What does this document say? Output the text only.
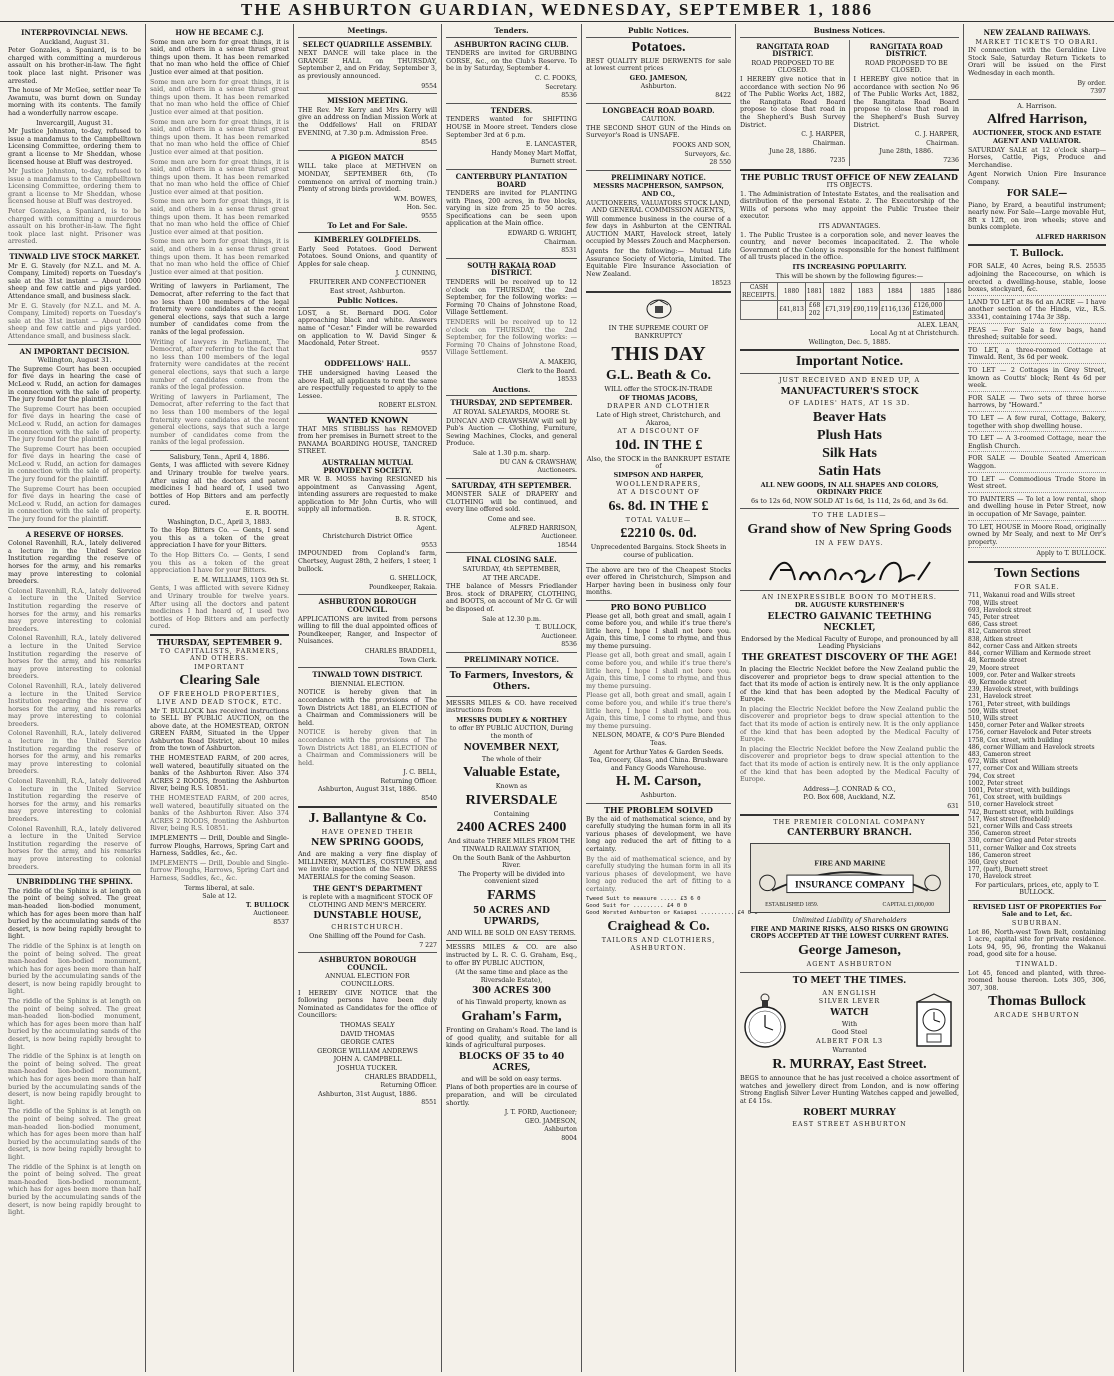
THE ASHBURTON GUARDIAN, WEDNESDAY, SEPTEMBER 1, 1886
INTERPROVINCIAL NEWS.
Auckland, August 31.

Peter Gonzales, a Spaniard, is to be charged with committing a murderous assault on his brother-in-law. The fight took place last night. Prisoner was arrested.

The house of Mr McGee, settler near Te Awamutu, was burnt down on Sunday morning with its contents. The family had a wonderfully narrow escape.

Invercargill, August 31.

Mr Justice Johnston, to-day, refused to issue a mandamus to the Campbelltown Licensing Committee, ordering them to grant a license to Mr Sheddan, whose licensed house at Bluff was destroyed.

Mr Justice Johnston, to-day, refused to issue a mandamus to the Campbelltown Licensing Committee, ordering them to grant a license to Mr Sheddan, whose licensed house at Bluff was destroyed.

Peter Gonzales, a Spaniard, is to be charged with committing a murderous assault on his brother-in-law. The fight took place last night. Prisoner was arrested.

TINWALD LIVE STOCK MARKET.

Mr E. G. Stavely (for N.Z.L. and M. A. Company, Limited) reports on Tuesday's sale at the 31st instant — About 1000 sheep and few cattle and pigs yarded. Attendance small, and business slack.

Mr E. G. Stavely (for N.Z.L. and M. A. Company, Limited) reports on Tuesday's sale at the 31st instant — About 1000 sheep and few cattle and pigs yarded. Attendance small, and business slack.

AN IMPORTANT DECISION.
Wellington, August 31.

The Supreme Court has been occupied for five days in hearing the case of McLeod v. Rudd, an action for damages in connection with the sale of property. The jury found for the plaintiff.

The Supreme Court has been occupied for five days in hearing the case of McLeod v. Rudd, an action for damages in connection with the sale of property. The jury found for the plaintiff.

The Supreme Court has been occupied for five days in hearing the case of McLeod v. Rudd, an action for damages in connection with the sale of property. The jury found for the plaintiff.

The Supreme Court has been occupied for five days in hearing the case of McLeod v. Rudd, an action for damages in connection with the sale of property. The jury found for the plaintiff.

A RESERVE OF HORSES.

Colonel Ravenhill, R.A., lately delivered a lecture in the United Service Institution regarding the reserve of horses for the army, and his remarks may prove interesting to colonial breeders.

Colonel Ravenhill, R.A., lately delivered a lecture in the United Service Institution regarding the reserve of horses for the army, and his remarks may prove interesting to colonial breeders.

Colonel Ravenhill, R.A., lately delivered a lecture in the United Service Institution regarding the reserve of horses for the army, and his remarks may prove interesting to colonial breeders.

Colonel Ravenhill, R.A., lately delivered a lecture in the United Service Institution regarding the reserve of horses for the army, and his remarks may prove interesting to colonial breeders.

Colonel Ravenhill, R.A., lately delivered a lecture in the United Service Institution regarding the reserve of horses for the army, and his remarks may prove interesting to colonial breeders.

Colonel Ravenhill, R.A., lately delivered a lecture in the United Service Institution regarding the reserve of horses for the army, and his remarks may prove interesting to colonial breeders.

Colonel Ravenhill, R.A., lately delivered a lecture in the United Service Institution regarding the reserve of horses for the army, and his remarks may prove interesting to colonial breeders.

UNBRIDDLING THE SPHINX.

The riddle of the Sphinx is at length on the point of being solved. The great man-headed lion-bodied monument, which has for ages been more than half buried by the accumulating sands of the desert, is now being rapidly brought to light.

The riddle of the Sphinx is at length on the point of being solved. The great man-headed lion-bodied monument, which has for ages been more than half buried by the accumulating sands of the desert, is now being rapidly brought to light.

The riddle of the Sphinx is at length on the point of being solved. The great man-headed lion-bodied monument, which has for ages been more than half buried by the accumulating sands of the desert, is now being rapidly brought to light.

The riddle of the Sphinx is at length on the point of being solved. The great man-headed lion-bodied monument, which has for ages been more than half buried by the accumulating sands of the desert, is now being rapidly brought to light.

The riddle of the Sphinx is at length on the point of being solved. The great man-headed lion-bodied monument, which has for ages been more than half buried by the accumulating sands of the desert, is now being rapidly brought to light.

The riddle of the Sphinx is at length on the point of being solved. The great man-headed lion-bodied monument, which has for ages been more than half buried by the accumulating sands of the desert, is now being rapidly brought to light.

HOW HE BECAME C.J.

Some men are born for great things, it is said, and others in a sense thrust great things upon them. It has been remarked that no man who held the office of Chief Justice ever aimed at that position.

Some men are born for great things, it is said, and others in a sense thrust great things upon them. It has been remarked that no man who held the office of Chief Justice ever aimed at that position.

Some men are born for great things, it is said, and others in a sense thrust great things upon them. It has been remarked that no man who held the office of Chief Justice ever aimed at that position.

Some men are born for great things, it is said, and others in a sense thrust great things upon them. It has been remarked that no man who held the office of Chief Justice ever aimed at that position.

Some men are born for great things, it is said, and others in a sense thrust great things upon them. It has been remarked that no man who held the office of Chief Justice ever aimed at that position.

Some men are born for great things, it is said, and others in a sense thrust great things upon them. It has been remarked that no man who held the office of Chief Justice ever aimed at that position.

Writing of lawyers in Parliament, The Democrat, after referring to the fact that no less than 100 members of the legal fraternity were candidates at the recent general elections, says that such a large number of candidates come from the ranks of the legal profession.

Writing of lawyers in Parliament, The Democrat, after referring to the fact that no less than 100 members of the legal fraternity were candidates at the recent general elections, says that such a large number of candidates come from the ranks of the legal profession.

Writing of lawyers in Parliament, The Democrat, after referring to the fact that no less than 100 members of the legal fraternity were candidates at the recent general elections, says that such a large number of candidates come from the ranks of the legal profession.

Salisbury, Tenn., April 4, 1886.

Gents, I was afflicted with severe Kidney and Urinary trouble for twelve years. After using all the doctors and patent medicines I had heard of, I used two bottles of Hop Bitters and am perfectly cured.

E. R. BOOTH.
Washington, D.C., April 3, 1883.

To the Hop Bitters Co. — Gents, I send you this as a token of the great appreciation I have for your Bitters.

To the Hop Bitters Co. — Gents, I send you this as a token of the great appreciation I have for your Bitters.

E. M. WILLIAMS, 1103 9th St.

Gents, I was afflicted with severe Kidney and Urinary trouble for twelve years. After using all the doctors and patent medicines I had heard of, I used two bottles of Hop Bitters and am perfectly cured.

THURSDAY, SEPTEMBER 9.
TO CAPITALISTS, FARMERS, AND OTHERS.
IMPORTANT
Clearing Sale
OF FREEHOLD PROPERTIES, LIVE AND DEAD STOCK, ETC.

Mr T. BULLOCK has received instructions to SELL BY PUBLIC AUCTION, on the above date, at the HOMESTEAD, ORTON GREEN FARM, Situated in the Upper Ashburton Road District, about 10 miles from the town of Ashburton.

THE HOMESTEAD FARM, of 200 acres, well watered, beautifully situated on the banks of the Ashburton River. Also 374 ACRES 2 ROODS, fronting the Ashburton River, being R.S. 10851.

THE HOMESTEAD FARM, of 200 acres, well watered, beautifully situated on the banks of the Ashburton River. Also 374 ACRES 2 ROODS, fronting the Ashburton River, being R.S. 10851.

IMPLEMENTS — Drill, Double and Single-furrow Ploughs, Harrows, Spring Cart and Harness, Saddles, &c., &c.

IMPLEMENTS — Drill, Double and Single-furrow Ploughs, Harrows, Spring Cart and Harness, Saddles, &c., &c.

Terms liberal, at sale.
Sale at 12.
T. BULLOCK
Auctioneer.
8537
Meetings.
SELECT QUADRILLE ASSEMBLY.

NEXT DANCE will take place in the GRANGE HALL on THURSDAY, September 2, and on Friday, September 3, as previously announced.

9554
MISSION MEETING.

THE Rev. Mr Kerry and Mrs Kerry will give an address on Indian Mission Work at the Oddfellows' Hall on FRIDAY EVENING, at 7.30 p.m. Admission Free.

8545
A PIGEON MATCH

WILL take place at METHVEN on MONDAY, SEPTEMBER 6th, (To commence on arrival of morning train.) Plenty of strong birds provided.

WM. BOWES,
Hon. Sec.
9555
To Let and For Sale.
KIMBERLEY GOLDFIELDS.

Early Seed Potatoes. Good Derwent Potatoes. Sound Onions, and quantity of Apples for sale cheap.

J. CUNNING,
FRUITERER AND CONFECTIONER
East street, Ashburton.
Public Notices.

LOST, a St. Bernard DOG. Color approaching black and white. Answers name of "Cesar." Finder will be rewarded on application to W. David Singer & Macdonald, Peter Street.

9557
ODDFELLOWS' HALL.

THE undersigned having Leased the above Hall, all applicants to rent the same are respectfully requested to apply to the Lessee.

ROBERT ELSTON.
WANTED KNOWN

THAT MRS STIBBLISS has REMOVED from her premises in Burnett street to the PANAMA BOARDING HOUSE, TANCRED STREET.

AUSTRALIAN MUTUAL PROVIDENT SOCIETY.

MR W. B. MOSS having RESIGNED his appointment as Canvassing Agent, intending assurers are requested to make application to Mr John Curtis, who will supply all information.

B. R. STOCK,
Agent.
Christchurch District Office
9553

IMPOUNDED from Copland's farm, Chertsey, August 28th, 2 heifers, 1 steer, 1 bullock.

G. SHELLOCK,
Poundkeeper, Rakaia.
ASHBURTON BOROUGH COUNCIL.

APPLICATIONS are invited from persons willing to fill the dual appointed offices of Poundkeeper, Ranger, and Inspector of Nuisances.

CHARLES BRADDELL,
Town Clerk.
TINWALD TOWN DISTRICT.
BIENNIAL ELECTION.

NOTICE is hereby given that in accordance with the provisions of The Town Districts Act 1881, an ELECTION of a Chairman and Commissioners will be held.

NOTICE is hereby given that in accordance with the provisions of The Town Districts Act 1881, an ELECTION of a Chairman and Commissioners will be held.

J. C. BELL,
Returning Officer.
Ashburton, August 31st, 1886.
8540
J. Ballantyne & Co.
HAVE OPENED THEIR
NEW SPRING GOODS,

And are making a very fine display of MILLINERY, MANTLES, COSTUMES, and we invite inspection of the NEW DRESS MATERIALS for the coming Season.

THE GENT'S DEPARTMENT

is replete with a magnificent STOCK OF CLOTHING AND MEN'S MERCERY.

DUNSTABLE HOUSE,
CHRISTCHURCH.
One Shilling off the Pound for Cash.
7 227
ASHBURTON BOROUGH COUNCIL.
ANNUAL ELECTION FOR COUNCILLORS.

I HEREBY GIVE NOTICE that the following persons have been duly Nominated as Candidates for the office of Councillors:

THOMAS SEALY
DAVID THOMAS
GEORGE CATES
GEORGE WILLIAM ANDREWS
JOHN A. CAMPBELL
JOSHUA TUCKER.
CHARLES BRADDELL,
Returning Officer.
Ashburton, 31st August, 1886.
8551
Tenders.
ASHBURTON RACING CLUB.

TENDERS are invited for GRUBBING GORSE, &c., on the Club's Reserve. To be in by Saturday, September 4.

C. C. FOOKS,
Secretary.
8536
TENDERS.

TENDERS wanted for SHIFTING HOUSE in Moore street. Tenders close September 3rd at 6 p.m.

E. LANCASTER,
Handy Money Mart Moffat,
Burnett street.
CANTERBURY PLANTATION BOARD

TENDERS are invited for PLANTING with Pines, 200 acres, in five blocks, varying in size from 25 to 50 acres. Specifications can be seen upon application at the Main office.

EDWARD G. WRIGHT,
Chairman.
8531
SOUTH RAKAIA ROAD DISTRICT.

TENDERS will be received up to 12 o'clock on THURSDAY, the 2nd September, for the following works: — Forming 70 Chains of Johnstone Road, Village Settlement.

TENDERS will be received up to 12 o'clock on THURSDAY, the 2nd September, for the following works: — Forming 70 Chains of Johnstone Road, Village Settlement.

A. MAKEIG,
Clerk to the Board.
18533
Auctions.
THURSDAY, 2ND SEPTEMBER.
AT ROYAL SALEYARDS, MOORE St.

DUNCAN AND CRAWSHAW will sell by Pub's Auction — Clothing, Furniture, Sewing Machines, Clocks, and general Produce.

Sale at 1.30 p.m. sharp.
DU CAN & CRAWSHAW,
Auctioneers.
SATURDAY, 4TH SEPTEMBER.

MONSTER SALE of DRAPERY and CLOTHING will be continued, and every line offered sold.

Come and see.
ALFRED HARRISON,
Auctioneer.
18544
FINAL CLOSING SALE.
SATURDAY, 4th SEPTEMBER,
AT THE ARCADE.

THE balance of Messrs Friedlander Bros. stock of DRAPERY, CLOTHING, and BOOTS, on account of Mr G. Gr will be disposed of.

Sale at 12.30 p.m.
T. BULLOCK,
Auctioneer.
8536
PRELIMINARY NOTICE.
To Farmers, Investors, & Others.

MESSRS MILES & CO. have received instructions from

MESSRS DUDLEY & NORTHEY
to offer BY PUBLIC AUCTION, During the month of
NOVEMBER NEXT,
The whole of their
Valuable Estate,
Known as
RIVERSDALE
Containing
2400 ACRES 2400
And situate THREE MILES FROM THE TINWALD RAILWAY STATION,
On the South Bank of the Ashburton River.
The Property will be divided into convenient sized
FARMS
50 ACRES AND UPWARDS,
AND WILL BE SOLD ON EASY TERMS.

MESSRS MILES & CO. are also instructed by L. R. C. G. Graham, Esq., to offer BY PUBLIC AUCTION,

(At the same time and place as the Riversdale Estate),
300 ACRES 300
of his Tinwald property, known as
Graham's Farm,

Fronting on Graham's Road. The land is of good quality, and suitable for all kinds of agricultural purposes.

BLOCKS OF 35 to 40 ACRES,
and will be sold on easy terms.

Plans of both properties are in course of preparation, and will be circulated shortly.

J. T. FORD, Auctioneer;
GEO. JAMESON,
Ashburton
8004
Public Notices.
Potatoes.

BEST QUALITY BLUE DERWENTS for sale at lowest current prices

GEO. JAMESON,
Ashburton.
8422
LONGBEACH ROAD BOARD.
CAUTION.

THE SECOND SHOT GUN of the Hinds on Surveyor's Road is UNSAFE.

FOOKS AND SON,
Surveyors, &c.
28 550
PRELIMINARY NOTICE.
MESSRS MACPHERSON, SAMPSON, AND CO.,
AUCTIONEERS, VALUATORS STOCK LAND, AND GENERAL COMMISSION AGENTS,

Will commence business in the course of a few days in Ashburton at the CENTRAL AUCTION MART, Havelock street, lately occupied by Messrs Zouch and Macpherson.

Agents for the following:— Mutual Life Assurance Society of Victoria, Limited. The Equitable Fire Insurance Association of New Zealand.

18523
IN THE SUPREME COURT OF BANKRUPTCY
THIS DAY
G.L. Beath & Co.
WILL offer the STOCK-IN-TRADE
OF THOMAS JACOBS,
DRAPER AND CLOTHIER
Late of High street, Christchurch, and Akaroa,
AT A DISCOUNT OF
10d. IN THE £
Also, the STOCK in the BANKRUPT ESTATE of
SIMPSON AND HARPER,
WOOLLENDRAPERS,
AT A DISCOUNT OF
6s. 8d. IN THE £
TOTAL VALUE—
£2210 0s. 0d.
Unprecedented Bargains. Stock Sheets in course of publication.

The above are two of the Cheapest Stocks ever offered in Christchurch, Simpson and Harper having been in business only four months.

PRO BONO PUBLICO

Please get all, both great and small, again I come before you, and while it's true there's little here, I hope I shall not bore you. Again, this time, I come to rhyme, and thus my theme pursuing.

Please get all, both great and small, again I come before you, and while it's true there's little here, I hope I shall not bore you. Again, this time, I come to rhyme, and thus my theme pursuing.

Please get all, both great and small, again I come before you, and while it's true there's little here, I hope I shall not bore you. Again, this time, I come to rhyme, and thus my theme pursuing.

NELSON, MOATE, & CO'S Pure Blended Teas.
Agent for Arthur Yates & Garden Seeds.
Tea, Grocery, Glass, and China. Brushware and Fancy Goods Warehouse.
H. M. Carson,
Ashburton.
THE PROBLEM SOLVED

By the aid of mathematical science, and by carefully studying the human form in all its various phases of development, we have long ago reduced the art of fitting to a certainty.

By the aid of mathematical science, and by carefully studying the human form in all its various phases of development, we have long ago reduced the art of fitting to a certainty.

Tweed Suit to measure ..... £3 6 0
Good Suit for ......... £4 0 0
Good Worsted Ashburton or Kaiapoi .......... £4 0 0
Craighead & Co.
TAILORS AND CLOTHIERS,
ASHBURTON.
Business Notices.
RANGITATA ROAD DISTRICT.
ROAD PROPOSED TO BE CLOSED.

I HEREBY give notice that in accordance with section No 96 of The Public Works Act, 1882, the Rangitata Road Board propose to close that road in the Shepherd's Bush Survey District.

C. J. HARPER,
Chairman.
June 28, 1886.
7235
RANGITATA ROAD DISTRICT.
ROAD PROPOSED TO BE CLOSED.

I HEREBY give notice that in accordance with section No 96 of The Public Works Act, 1882, the Rangitata Road Board propose to close that road in the Shepherd's Bush Survey District.

C. J. HARPER,
Chairman.
June 28th, 1886.
7236
THE PUBLIC TRUST OFFICE OF NEW ZEALAND
ITS OBJECTS.

1. The Administration of Intestate Estates, and the realisation and distribution of the personal Estate. 2. The Executorship of the Wills of persons who may appoint the Public Trustee their executor.

ITS ADVANTAGES.

1. The Public Trustee is a corporation sole, and never leaves the country, and never becomes incapacitated. 2. The whole Government of the Colony is responsible for the honest fulfilment of all trusts placed in the office.

ITS INCREASING POPULARITY.
This will be shown by the following figures:—
CASH RECEIPTS.	1880	1881	1882	1883	1884	1885	1886
	£41,813	£68 202	£71,319	£90,119	£116,136	£126,000 Estimated	
ALEX. LEAN,
Local Ag nt at Christchurch.
Wellington, Dec. 5, 1885.
Important Notice.
JUST RECEIVED AND ENED UP, A
MANUFACTURER'S STOCK
OF LADIES' HATS, AT 1S 3D.
Beaver Hats
Plush Hats
Silk Hats
Satin Hats
ALL NEW GOODS, IN ALL SHAPES AND COLORS, ORDINARY PRICE
6s to 12s 6d, NOW SOLD AT 1s 6d, 1s 11d, 2s 6d, and 3s 6d.
TO THE LADIES—
Grand show of New Spring Goods
IN A FEW DAYS.
Andrew Orr
AN INEXPRESSIBLE BOON TO MOTHERS.
DR. AUGUSTE KURSTEINER'S
ELECTRO GALVANIC TEETHING NECKLET,
Endorsed by the Medical Faculty of Europe, and pronounced by all Leading Physicians
THE GREATEST DISCOVERY OF THE AGE!

In placing the Electric Necklet before the New Zealand public the discoverer and proprietor begs to draw special attention to the fact that its mode of action is entirely new. It is the only appliance of the kind that has been adopted by the Medical Faculty of Europe.

In placing the Electric Necklet before the New Zealand public the discoverer and proprietor begs to draw special attention to the fact that its mode of action is entirely new. It is the only appliance of the kind that has been adopted by the Medical Faculty of Europe.

In placing the Electric Necklet before the New Zealand public the discoverer and proprietor begs to draw special attention to the fact that its mode of action is entirely new. It is the only appliance of the kind that has been adopted by the Medical Faculty of Europe.

Address—J. CONRAD & CO.,
P.O. Box 608, Auckland, N.Z.
631
THE PREMIER COLONIAL COMPANY
CANTERBURY BRANCH.
FIRE AND MARINE
INSURANCE COMPANY
ESTABLISHED 1859.	CAPITAL £1,000,000
Unlimited Liability of Shareholders
FIRE AND MARINE RISKS, ALSO RISKS ON GROWING CROPS ACCEPTED AT THE LOWEST CURRENT RATES.
George Jameson,
AGENT ASHBURTON
TO MEET THE TIMES.
AN ENGLISH
SILVER LEVER
WATCH
With
Good Steel
ALBERT FOR L3
Warranted
R. MURRAY, East Street.

BEGS to announce that he has just received a choice assortment of watches and jewellery direct from London, and is now offering Strong English Silver Lever Hunting Watches capped and jewelled, at £4 15s.

ROBERT MURRAY
EAST STREET ASHBURTON
NEW ZEALAND RAILWAYS.
MARKET TICKETS TO OBARI.

IN connection with the Geraldine Live Stock Sale, Saturday Return Tickets to Orari will be issued on the First Wednesday in each month.

By order.
7397
A. Harrison.
Alfred Harrison,
AUCTIONEER, STOCK AND ESTATE AGENT AND VALUATOR.

SATURDAY SALE at 12 o'clock sharp—Horses, Cattle, Pigs, Produce and Merchandise.

Agent Norwich Union Fire Insurance Company.

FOR SALE—

Piano, by Erard, a beautiful instrument; nearly new. For Sale—Large movable Hut, 8ft x 12ft, on iron wheels; stove and bunks complete.

ALFRED HARRISON
T. Bullock.
FOR SALE, 40 Acres, being R.S. 25535 adjoining the Racecourse, on which is erected a dwelling-house, stable, loose boxes, stockyard, &c.
LAND TO LET at 8s 6d an ACRE — I have another section of the Hinds, viz., R.S. 33341, containing 174a 3r 38p.
PEAS — For Sale a few bags, hand threshed; suitable for seed.
TO LET, a three-roomed Cottage at Tinwald. Rent, 3s 6d per week.
TO LET — 2 Cottages in Grey Street, known as Coutts' block; Rent 4s 6d per week.
FOR SALE — Two sets of three horse harrows, by "Howard."
TO LET — A few rural, Cottage, Bakery, together with shop dwelling house.
TO LET — A 3-roomed Cottage, near the English Church.
FOR SALE — Double Seated American Waggon.
TO LET — Commodious Trade Store in West street.
TO PAINTERS — To let a low rental, shop and dwelling house in Peter Street, now in occupation of Mr Savage, painter.
TO LET, HOUSE in Moore Road, originally owned by Mr Sealy, and next to Mr Orr's property.
Apply to T. BULLOCK.
Town Sections
FOR SALE.
711, Wakanui road and Wills street
708, Wills street
693, Havelock street
745, Peter street
686, Cass street
812, Cameron street
838, Aitken street
842, corner Cass and Aitken streets
844, corner William and Kermode street
48, Kermode street
29, Moore street
1009, cor. Peter and Walker streets
49, Kermode street
239, Havelock street, with buildings
231, Havelock street
1761, Peter street, with buildings
509, Wills street
510, Wills street
1450, corner Peter and Walker streets
1756, corner Havelock and Peter streets
1758, Cox street, with building
486, corner William and Havelock streets
483, Cameron street
672, Wills street
177, corner Cox and William streets
794, Cox street
1002, Peter street
1001, Peter street, with buildings
761, Cox street, with buildings
510, corner Havelock street
742, Burnett street, with buildings
517, West street (freehold)
521, corner Wills and Cass streets
356, Cameron street
330, corner Grieg and Peter streets
511, corner Walker and Cox streets
186, Cameron street
360, Grey street
177, (part), Burnett street
170, Havelock street
For particulars, prices, etc, apply to T. BULLOCK.
REVISED LIST OF PROPERTIES For Sale and to Let, &c.
SUBURBAN.

Lot 86, North-west Town Belt, containing 1 acre, capital site for private residence. Lots 94, 95, 96, fronting the Wakanui road, good site for a house.

TINWALD.

Lot 45, fenced and planted, with three-roomed house thereon. Lots 305, 306, 307, 308.

Thomas Bullock
ARCADE SHBURTON
